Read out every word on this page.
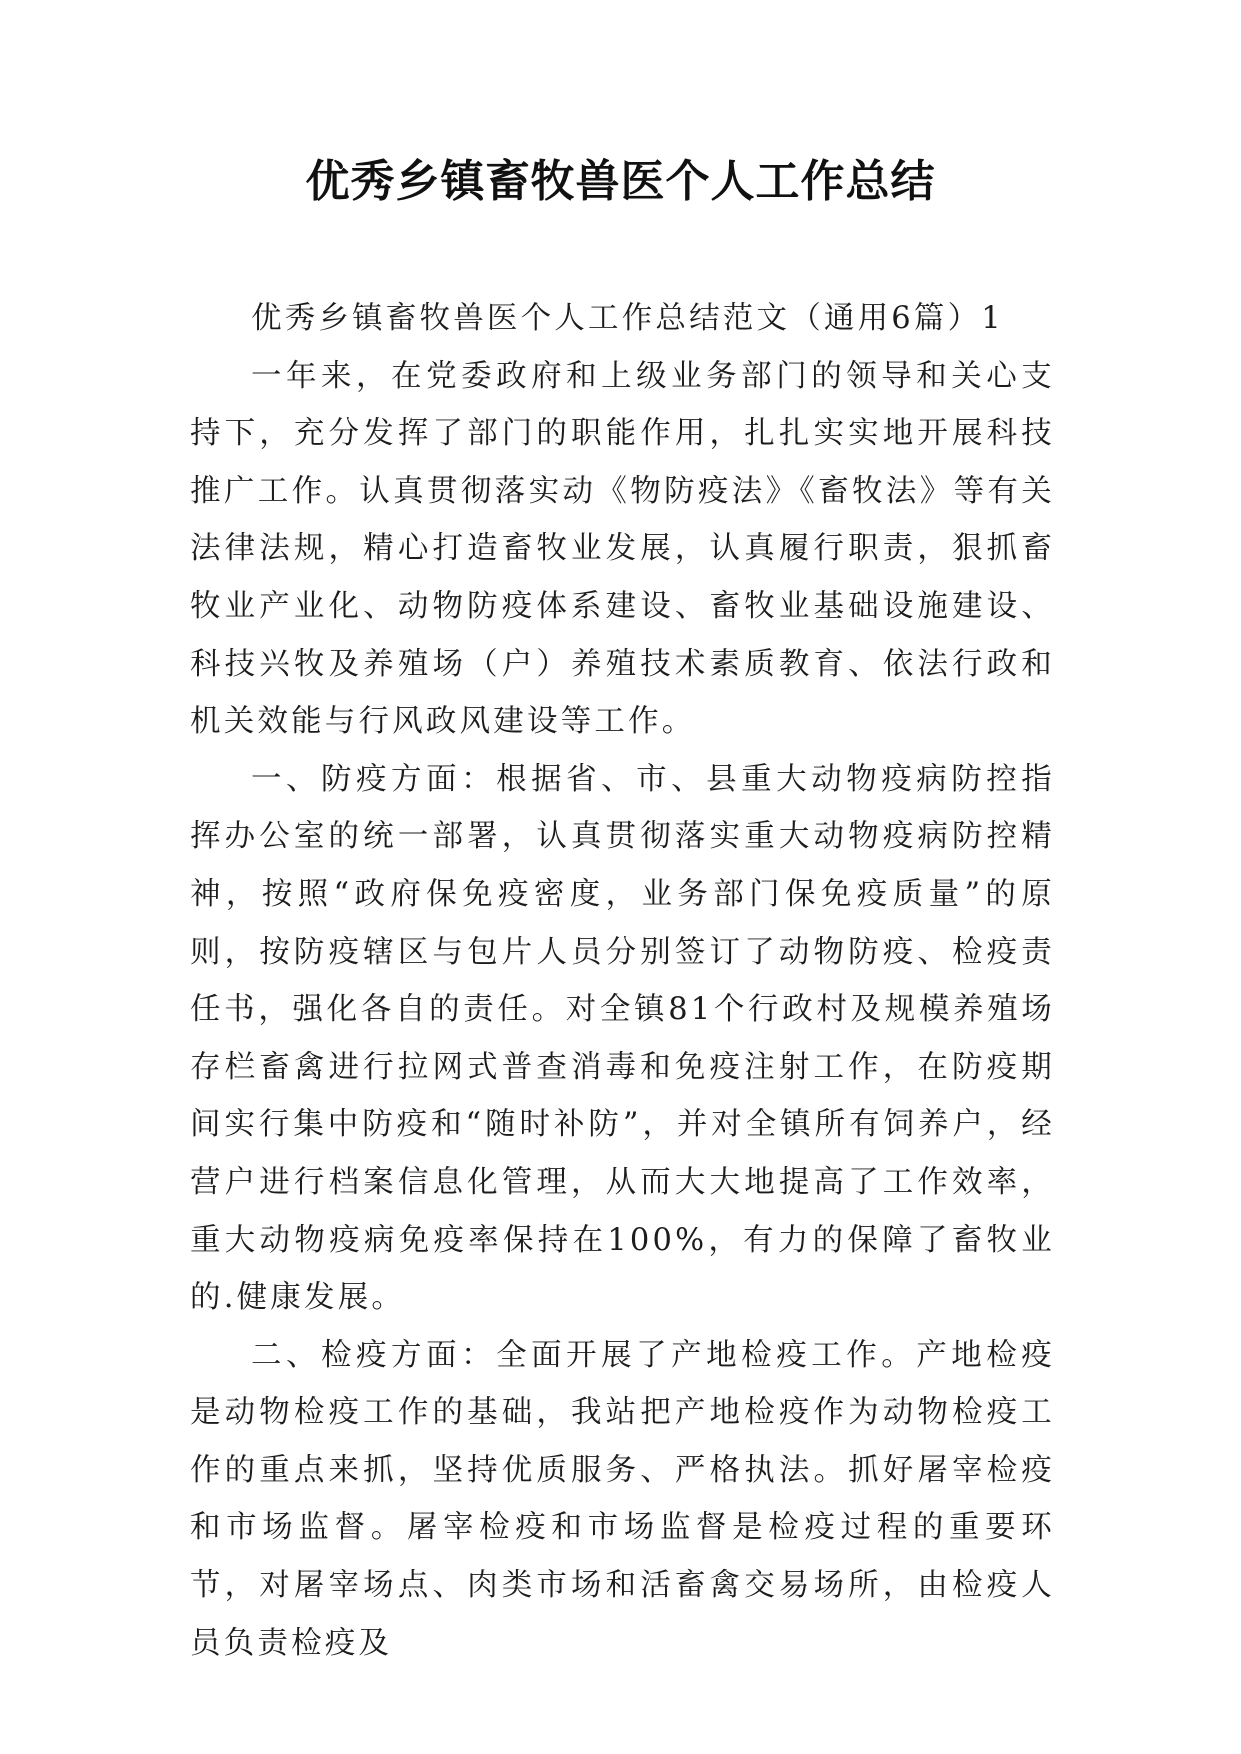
优秀乡镇畜牧兽医个人工作总结

优秀乡镇畜牧兽医个人工作总结范文（通用6篇）1

一年来，在党委政府和上级业务部门的领导和关心支持下，充分发挥了部门的职能作用，扎扎实实地开展科技推广工作。认真贯彻落实动《物防疫法》《畜牧法》等有关法律法规，精心打造畜牧业发展，认真履行职责，狠抓畜牧业产业化、动物防疫体系建设、畜牧业基础设施建设、科技兴牧及养殖场（户）养殖技术素质教育、依法行政和机关效能与行风政风建设等工作。

一、防疫方面：根据省、市、县重大动物疫病防控指挥办公室的统一部署，认真贯彻落实重大动物疫病防控精神，按照“政府保免疫密度，业务部门保免疫质量”的原则，按防疫辖区与包片人员分别签订了动物防疫、检疫责任书，强化各自的责任。对全镇81个行政村及规模养殖场存栏畜禽进行拉网式普查消毒和免疫注射工作，在防疫期间实行集中防疫和“随时补防”，并对全镇所有饲养户，经营户进行档案信息化管理，从而大大地提高了工作效率，重大动物疫病免疫率保持在100%，有力的保障了畜牧业的.健康发展。

二、检疫方面：全面开展了产地检疫工作。产地检疫是动物检疫工作的基础，我站把产地检疫作为动物检疫工作的重点来抓，坚持优质服务、严格执法。抓好屠宰检疫和市场监督。屠宰检疫和市场监督是检疫过程的重要环节，对屠宰场点、肉类市场和活畜禽交易场所，由检疫人员负责检疫及
